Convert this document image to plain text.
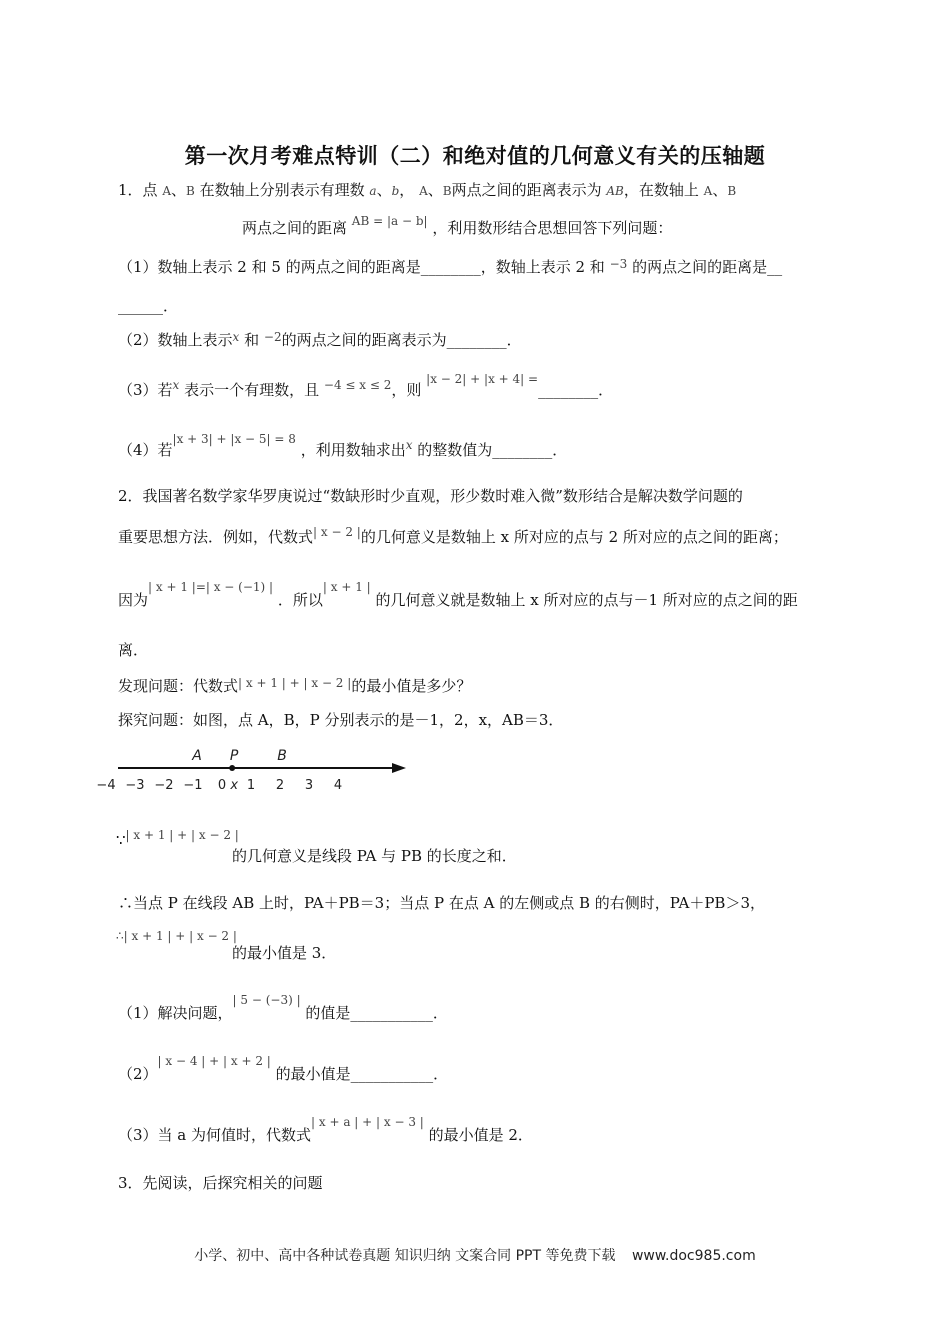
第一次月考难点特训（二）和绝对值的几何意义有关的压轴题
1．点 A、B 在数轴上分别表示有理数 a、b， A、B两点之间的距离表示为 AB，在数轴上 A、B
两点之间的距离 $^{AB = |a - b|}$ ，利用数形结合思想回答下列问题：
（1）数轴上表示 2 和 5 的两点之间的距离是________，数轴上表示 2 和 $^{-3}$ 的两点之间的距离是__
______．
（2）数轴上表示$^x$ 和 $^{-2}$的两点之间的距离表示为________．
（3）若$^x$ 表示一个有理数，且 $^{-4 \le x \le 2}$，则 $^{|x - 2| + |x + 4| =}$________．
（4）若$^{|x + 3| + |x - 5| = 8}$ ，利用数轴求出$^x$ 的整数值为________．
2．我国著名数学家华罗庚说过“数缺形时少直观，形少数时难入微”数形结合是解决数学问题的
重要思想方法．例如，代数式$^{| x - 2 |}$的几何意义是数轴上 x 所对应的点与 2 所对应的点之间的距离；
因为$^{| x + 1 |=| x - (-1) |}$ ．所以$^{| x + 1 |}$ 的几何意义就是数轴上 x 所对应的点与－1 所对应的点之间的距
离．
发现问题：代数式$^{| x + 1 | + | x - 2 |}$的最小值是多少？
探究问题：如图，点 A，B，P 分别表示的是－1，2，x，AB＝3．
−4 −3 −2 −1 0 x 1 2 3 4
A P	B
∵$^{| x + 1 | + | x - 2 |}$
的几何意义是线段 PA 与 PB 的长度之和．
∴当点 P 在线段 AB 上时，PA＋PB＝3；当点 P 在点 A 的左侧或点 B 的右侧时，PA＋PB＞3，
∴| x + 1 | + | x − 2 |
的最小值是 3．
（1）解决问题，$^{| 5 - (-3) |}$ 的值是___________．
$(2)^{| x - 4 | + | x + 2 |}$ 的最小值是___________．
（3）当 a 为何值时，代数式$^{| x + a | + | x - 3 |}$ 的最小值是 2．
3．先阅读，后探究相关的问题
小学、初中、高中各种试卷真题 知识归纳 文案合同 PPT 等免费下载 www.doc985.com
